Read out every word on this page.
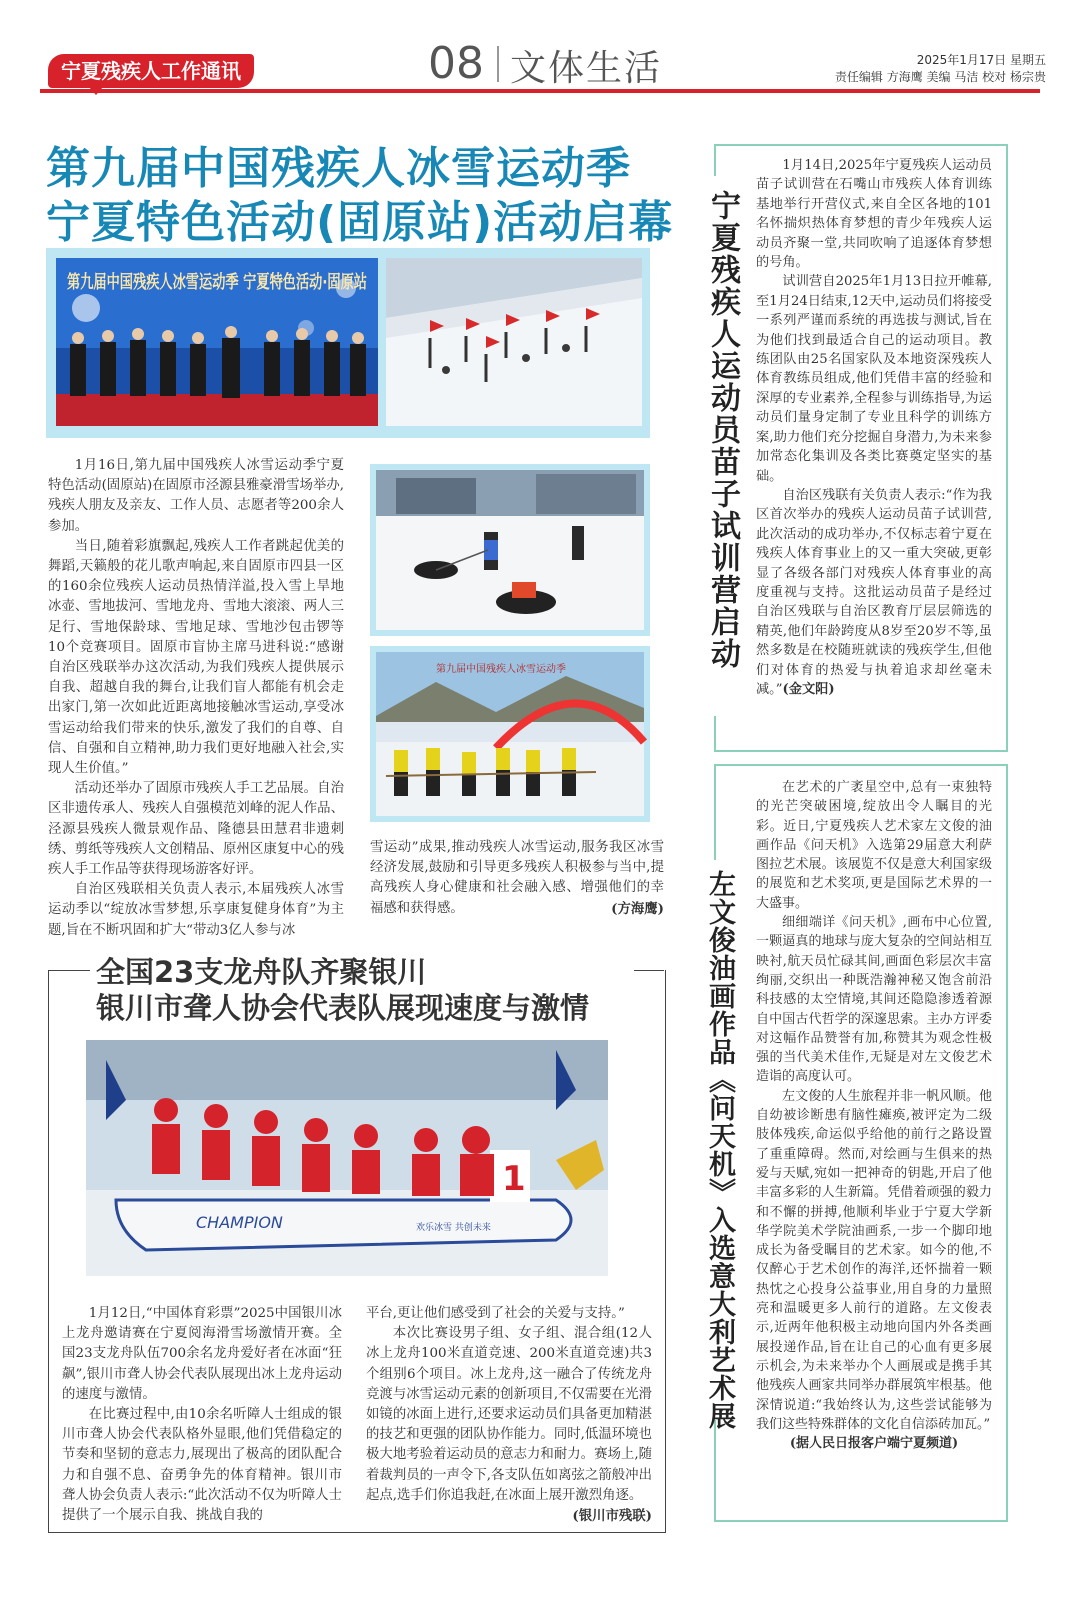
宁夏残疾人工作通讯	08 文体生活	2025年1月17日 星期五
责任编辑 方海鹰 美编 马洁 校对 杨宗贵
第九届中国残疾人冰雪运动季
宁夏特色活动(固原站)活动启幕
第九届中国残疾人冰雪运动季 宁夏特色活动·固原站

1月16日,第九届中国残疾人冰雪运动季宁夏特色活动(固原站)在固原市泾源县雅豪滑雪场举办,残疾人朋友及亲友、工作人员、志愿者等200余人参加。

当日,随着彩旗飘起,残疾人工作者跳起优美的舞蹈,天籁般的花儿歌声响起,来自固原市四县一区的160余位残疾人运动员热情洋溢,投入雪上旱地冰壶、雪地拔河、雪地龙舟、雪地大滚滚、两人三足行、雪地保龄球、雪地足球、雪地沙包击锣等10个竞赛项目。固原市盲协主席马进科说:“感谢自治区残联举办这次活动,为我们残疾人提供展示自我、超越自我的舞台,让我们盲人都能有机会走出家门,第一次如此近距离地接触冰雪运动,享受冰雪运动给我们带来的快乐,激发了我们的自尊、自信、自强和自立精神,助力我们更好地融入社会,实现人生价值。”

活动还举办了固原市残疾人手工艺品展。自治区非遗传承人、残疾人自强模范刘峰的泥人作品、泾源县残疾人微景观作品、隆德县田慧君非遗刺绣、剪纸等残疾人文创精品、原州区康复中心的残疾人手工作品等获得现场游客好评。

自治区残联相关负责人表示,本届残疾人冰雪运动季以“绽放冰雪梦想,乐享康复健身体育”为主题,旨在不断巩固和扩大“带动3亿人参与冰

第九届中国残疾人冰雪运动季

雪运动”成果,推动残疾人冰雪运动,服务我区冰雪经济发展,鼓励和引导更多残疾人积极参与当中,提高残疾人身心健康和社会融入感、增强他们的幸福感和获得感。	(方海鹰)

全国23支龙舟队齐聚银川
银川市聋人协会代表队展现速度与激情
CHAMPION	欢乐冰雪 共创未来
1

1月12日,“中国体育彩票”2025中国银川冰上龙舟邀请赛在宁夏阅海滑雪场激情开赛。全国23支龙舟队伍700余名龙舟爱好者在冰面“狂飙”,银川市聋人协会代表队展现出冰上龙舟运动的速度与激情。

在比赛过程中,由10余名听障人士组成的银川市聋人协会代表队格外显眼,他们凭借稳定的节奏和坚韧的意志力,展现出了极高的团队配合力和自强不息、奋勇争先的体育精神。银川市聋人协会负责人表示:“此次活动不仅为听障人士提供了一个展示自我、挑战自我的

平台,更让他们感受到了社会的关爱与支持。”

本次比赛设男子组、女子组、混合组(12人冰上龙舟100米直道竞速、200米直道竞速)共3个组别6个项目。冰上龙舟,这一融合了传统龙舟竞渡与冰雪运动元素的创新项目,不仅需要在光滑如镜的冰面上进行,还要求运动员们具备更加精湛的技艺和更强的团队协作能力。同时,低温环境也极大地考验着运动员的意志力和耐力。赛场上,随着裁判员的一声令下,各支队伍如离弦之箭般冲出起点,选手们你追我赶,在冰面上展开激烈角逐。
(银川市残联)

宁夏残疾人运动员苗子试训营启动

1月14日,2025年宁夏残疾人运动员苗子试训营在石嘴山市残疾人体育训练基地举行开营仪式,来自全区各地的101名怀揣炽热体育梦想的青少年残疾人运动员齐聚一堂,共同吹响了追逐体育梦想的号角。

试训营自2025年1月13日拉开帷幕,至1月24日结束,12天中,运动员们将接受一系列严谨而系统的再选拔与测试,旨在为他们找到最适合自己的运动项目。教练团队由25名国家队及本地资深残疾人体育教练员组成,他们凭借丰富的经验和深厚的专业素养,全程参与训练指导,为运动员们量身定制了专业且科学的训练方案,助力他们充分挖掘自身潜力,为未来参加常态化集训及各类比赛奠定坚实的基础。

自治区残联有关负责人表示:“作为我区首次举办的残疾人运动员苗子试训营,此次活动的成功举办,不仅标志着宁夏在残疾人体育事业上的又一重大突破,更彰显了各级各部门对残疾人体育事业的高度重视与支持。这批运动员苗子是经过自治区残联与自治区教育厅层层筛选的精英,他们年龄跨度从8岁至20岁不等,虽然多数是在校随班就读的残疾学生,但他们对体育的热爱与执着追求却丝毫未减。”(金文阳)

左文俊油画作品《问天机》入选意大利艺术展

在艺术的广袤星空中,总有一束独特的光芒突破困境,绽放出令人瞩目的光彩。近日,宁夏残疾人艺术家左文俊的油画作品《问天机》入选第29届意大利萨图拉艺术展。该展览不仅是意大利国家级的展览和艺术奖项,更是国际艺术界的一大盛事。

细细端详《问天机》,画布中心位置,一颗逼真的地球与庞大复杂的空间站相互映衬,航天员忙碌其间,画面色彩层次丰富绚丽,交织出一种既浩瀚神秘又饱含前沿科技感的太空情境,其间还隐隐渗透着源自中国古代哲学的深邃思索。主办方评委对这幅作品赞誉有加,称赞其为观念性极强的当代美术佳作,无疑是对左文俊艺术造诣的高度认可。

左文俊的人生旅程并非一帆风顺。他自幼被诊断患有脑性瘫痪,被评定为二级肢体残疾,命运似乎给他的前行之路设置了重重障碍。然而,对绘画与生俱来的热爱与天赋,宛如一把神奇的钥匙,开启了他丰富多彩的人生新篇。凭借着顽强的毅力和不懈的拼搏,他顺利毕业于宁夏大学新华学院美术学院油画系,一步一个脚印地成长为备受瞩目的艺术家。如今的他,不仅醉心于艺术创作的海洋,还怀揣着一颗热忱之心投身公益事业,用自身的力量照亮和温暖更多人前行的道路。左文俊表示,近两年他积极主动地向国内外各类画展投递作品,旨在让自己的心血有更多展示机会,为未来举办个人画展或是携手其他残疾人画家共同举办群展筑牢根基。他深情说道:“我始终认为,这些尝试能够为我们这些特殊群体的文化自信添砖加瓦。”

(据人民日报客户端宁夏频道)
